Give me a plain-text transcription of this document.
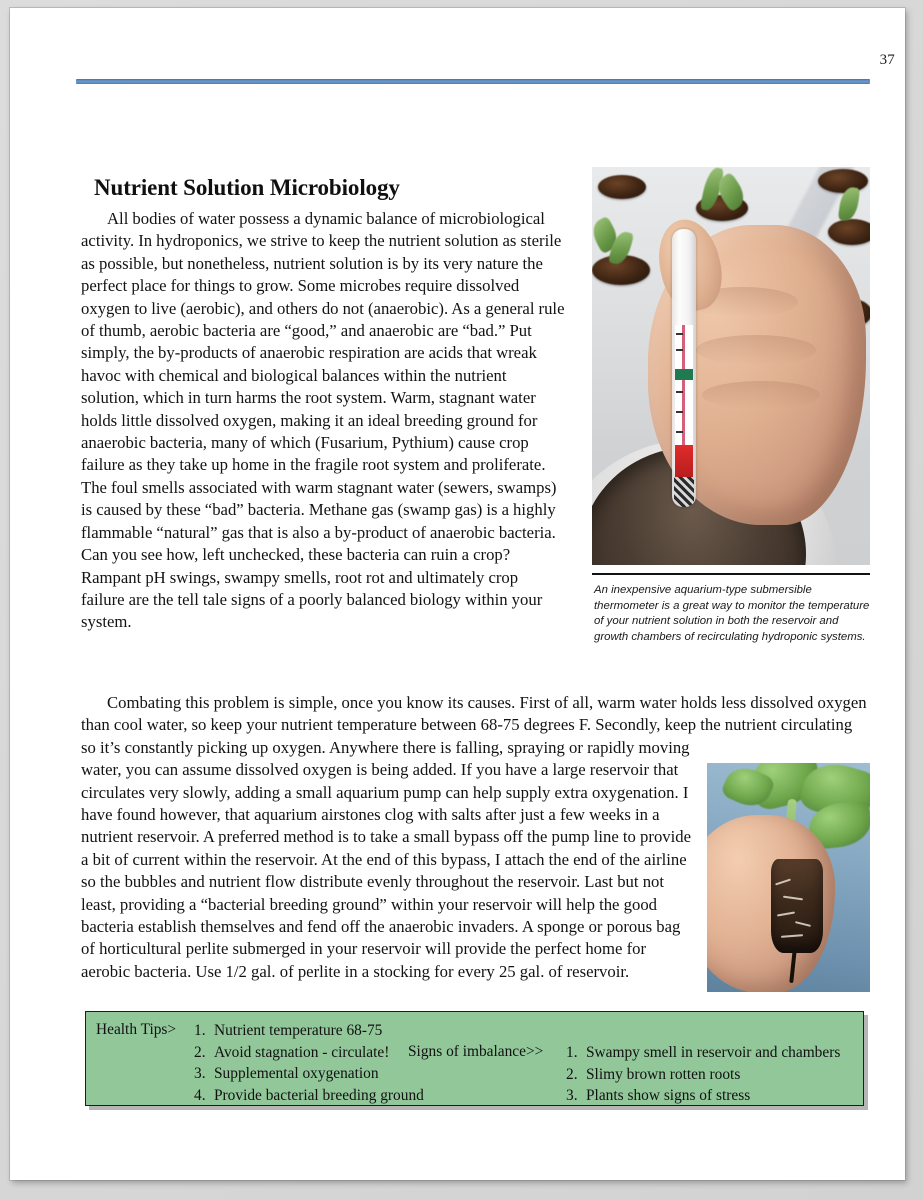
37
Nutrient Solution Microbiology
All bodies of water possess a dynamic balance of microbiological activity. In hydroponics, we strive to keep the nutrient solution as sterile as possible, but nonetheless, nutrient solution is by its very nature the perfect place for things to grow. Some microbes require dissolved oxygen to live (aerobic), and others do not (anaerobic). As a general rule of thumb, aerobic bacteria are “good,” and anaerobic are “bad.” Put simply, the by-products of anaerobic respiration are acids that wreak havoc with chemical and biological balances within the nutrient solution, which in turn harms the root system. Warm, stagnant water holds little dissolved oxygen, making it an ideal breeding ground for anaerobic bacteria, many of which (Fusarium, Pythium) cause crop failure as they take up home in the fragile root system and proliferate. The foul smells associated with warm stagnant water (sewers, swamps) is caused by these “bad” bacteria. Methane gas (swamp gas) is a highly flammable “natural” gas that is also a by-product of anaerobic bacteria. Can you see how, left unchecked, these bacteria can ruin a crop? Rampant pH swings, swampy smells, root rot and ultimately crop failure are the tell tale signs of a poorly balanced biology within your system.
An inexpensive aquarium-type submersible thermometer is a great way to monitor the temperature of your nutrient solution in both the reservoir and growth chambers of recirculating hydroponic systems.
Combating this problem is simple, once you know its causes. First of all, warm water holds less dissolved oxygen than cool water, so keep your nutrient temperature between 68-75 degrees F. Secondly, keep the nutrient circulating so it’s constantly picking up oxygen. Anywhere there is falling, spraying or rapidly moving water, you can assume dissolved oxygen is being added. If you have a large reservoir that circulates very slowly, adding a small aquarium pump can help supply extra oxygenation. I have found however, that aquarium airstones clog with salts after just a few weeks in a nutrient reservoir. A preferred method is to take a small bypass off the pump line to provide a bit of current within the reservoir. At the end of this bypass, I attach the end of the airline so the bubbles and nutrient flow distribute evenly throughout the reservoir. Last but not least, providing a “bacterial breeding ground” within your reservoir will help the good bacteria establish themselves and fend off the anaerobic invaders. A sponge or porous bag of horticultural perlite submerged in your reservoir will provide the perfect home for aerobic bacteria. Use 1/2 gal. of perlite in a stocking for every 25 gal. of reservoir.
Health Tips> 1. Nutrient temperature 68-75
2. Avoid stagnation - circulate!
3. Supplemental oxygenation
4. Provide bacterial breeding ground
Signs of imbalance>> 1. Swampy smell in reservoir and chambers
2. Slimy brown rotten roots
3. Plants show signs of stress
